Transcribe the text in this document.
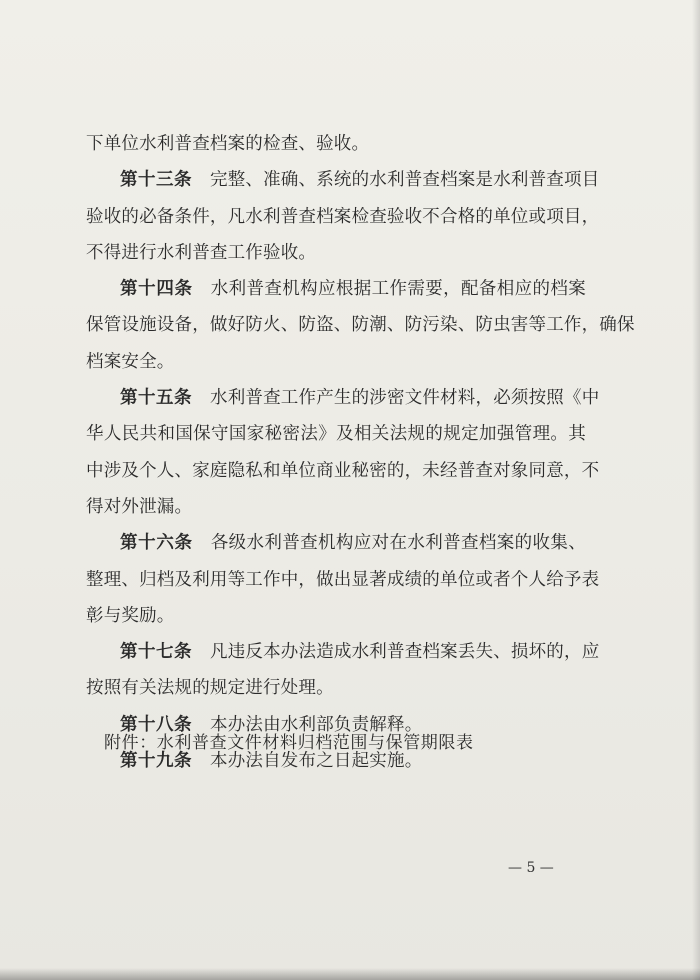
下单位水利普查档案的检查、验收。
第十三条 完整、准确、系统的水利普查档案是水利普查项目
验收的必备条件，凡水利普查档案检查验收不合格的单位或项目，
不得进行水利普查工作验收。
第十四条 水利普查机构应根据工作需要，配备相应的档案
保管设施设备，做好防火、防盗、防潮、防污染、防虫害等工作，确保
档案安全。
第十五条 水利普查工作产生的涉密文件材料，必须按照《中
华人民共和国保守国家秘密法》及相关法规的规定加强管理。其
中涉及个人、家庭隐私和单位商业秘密的，未经普查对象同意，不
得对外泄漏。
第十六条 各级水利普查机构应对在水利普查档案的收集、
整理、归档及利用等工作中，做出显著成绩的单位或者个人给予表
彰与奖励。
第十七条 凡违反本办法造成水利普查档案丢失、损坏的，应
按照有关法规的规定进行处理。
第十八条 本办法由水利部负责解释。
第十九条 本办法自发布之日起实施。
附件：水利普查文件材料归档范围与保管期限表
— 5 —
